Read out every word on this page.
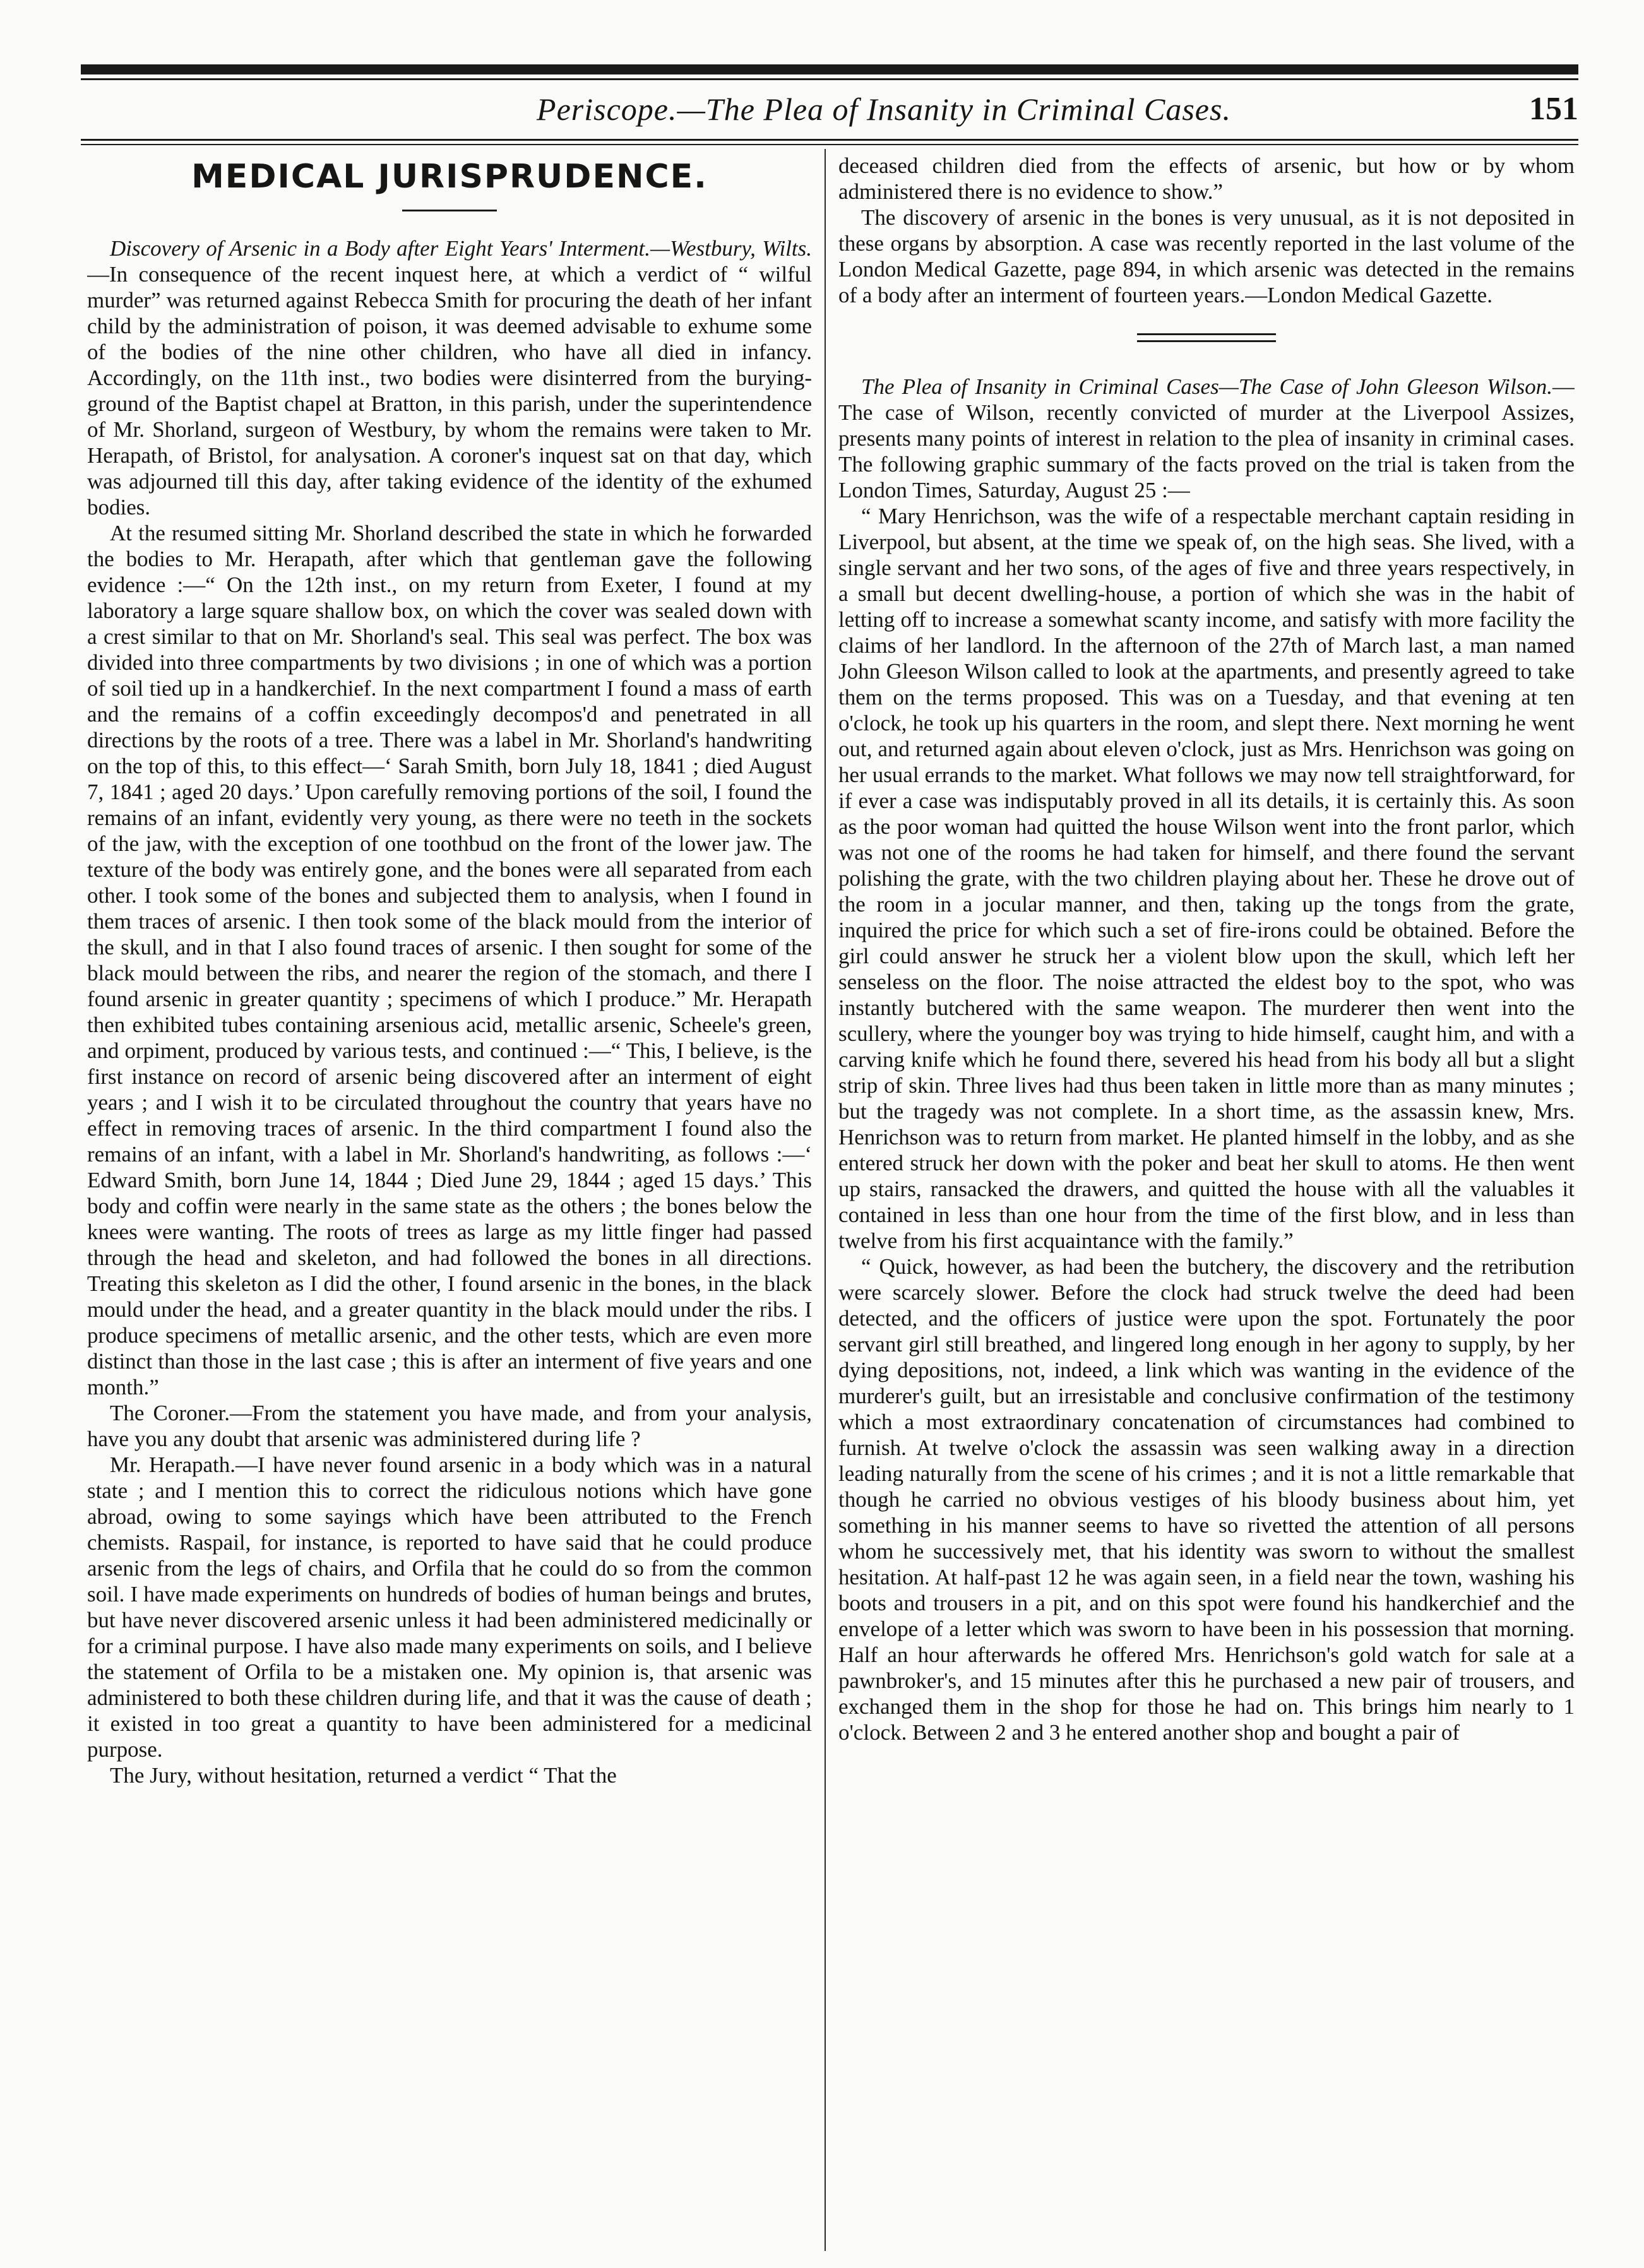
Periscope.—The Plea of Insanity in Criminal Cases.	151
MEDICAL JURISPRUDENCE.

Discovery of Arsenic in a Body after Eight Years' Interment.—Westbury, Wilts.—In consequence of the recent inquest here, at which a verdict of “ wilful murder” was returned against Rebecca Smith for procuring the death of her infant child by the administration of poison, it was deemed advisable to exhume some of the bodies of the nine other children, who have all died in infancy. Accordingly, on the 11th inst., two bodies were disinterred from the burying-ground of the Baptist chapel at Bratton, in this parish, under the superintendence of Mr. Shorland, surgeon of Westbury, by whom the remains were taken to Mr. Herapath, of Bristol, for analysation. A coroner's inquest sat on that day, which was adjourned till this day, after taking evidence of the identity of the exhumed bodies.

At the resumed sitting Mr. Shorland described the state in which he forwarded the bodies to Mr. Herapath, after which that gentleman gave the following evidence :—“ On the 12th inst., on my return from Exeter, I found at my laboratory a large square shallow box, on which the cover was sealed down with a crest similar to that on Mr. Shorland's seal. This seal was perfect. The box was divided into three compartments by two divisions ; in one of which was a portion of soil tied up in a handkerchief. In the next compartment I found a mass of earth and the remains of a coffin exceedingly decompos'd and penetrated in all directions by the roots of a tree. There was a label in Mr. Shorland's handwriting on the top of this, to this effect—‘ Sarah Smith, born July 18, 1841 ; died August 7, 1841 ; aged 20 days.’ Upon carefully removing portions of the soil, I found the remains of an infant, evidently very young, as there were no teeth in the sockets of the jaw, with the exception of one toothbud on the front of the lower jaw. The texture of the body was entirely gone, and the bones were all separated from each other. I took some of the bones and subjected them to analysis, when I found in them traces of arsenic. I then took some of the black mould from the interior of the skull, and in that I also found traces of arsenic. I then sought for some of the black mould between the ribs, and nearer the region of the stomach, and there I found arsenic in greater quantity ; specimens of which I produce.” Mr. Herapath then exhibited tubes containing arsenious acid, metallic arsenic, Scheele's green, and orpiment, produced by various tests, and continued :—“ This, I believe, is the first instance on record of arsenic being discovered after an interment of eight years ; and I wish it to be circulated throughout the country that years have no effect in removing traces of arsenic. In the third compartment I found also the remains of an infant, with a label in Mr. Shorland's handwriting, as follows :—‘ Edward Smith, born June 14, 1844 ; Died June 29, 1844 ; aged 15 days.’ This body and coffin were nearly in the same state as the others ; the bones below the knees were wanting. The roots of trees as large as my little finger had passed through the head and skeleton, and had followed the bones in all directions. Treating this skeleton as I did the other, I found arsenic in the bones, in the black mould under the head, and a greater quantity in the black mould under the ribs. I produce specimens of metallic arsenic, and the other tests, which are even more distinct than those in the last case ; this is after an interment of five years and one month.”

The Coroner.—From the statement you have made, and from your analysis, have you any doubt that arsenic was administered during life ?

Mr. Herapath.—I have never found arsenic in a body which was in a natural state ; and I mention this to correct the ridiculous notions which have gone abroad, owing to some sayings which have been attributed to the French chemists. Raspail, for instance, is reported to have said that he could produce arsenic from the legs of chairs, and Orfila that he could do so from the common soil. I have made experiments on hundreds of bodies of human beings and brutes, but have never discovered arsenic unless it had been administered medicinally or for a criminal purpose. I have also made many experiments on soils, and I believe the statement of Orfila to be a mistaken one. My opinion is, that arsenic was administered to both these children during life, and that it was the cause of death ; it existed in too great a quantity to have been administered for a medicinal purpose.

The Jury, without hesitation, returned a verdict “ That the

deceased children died from the effects of arsenic, but how or by whom administered there is no evidence to show.”

The discovery of arsenic in the bones is very unusual, as it is not deposited in these organs by absorption. A case was recently reported in the last volume of the London Medical Gazette, page 894, in which arsenic was detected in the remains of a body after an interment of fourteen years.—London Medical Gazette.

The Plea of Insanity in Criminal Cases—The Case of John Gleeson Wilson.—The case of Wilson, recently convicted of murder at the Liverpool Assizes, presents many points of interest in relation to the plea of insanity in criminal cases. The following graphic summary of the facts proved on the trial is taken from the London Times, Saturday, August 25 :—

“ Mary Henrichson, was the wife of a respectable merchant captain residing in Liverpool, but absent, at the time we speak of, on the high seas. She lived, with a single servant and her two sons, of the ages of five and three years respectively, in a small but decent dwelling-house, a portion of which she was in the habit of letting off to increase a somewhat scanty income, and satisfy with more facility the claims of her landlord. In the afternoon of the 27th of March last, a man named John Gleeson Wilson called to look at the apartments, and presently agreed to take them on the terms proposed. This was on a Tuesday, and that evening at ten o'clock, he took up his quarters in the room, and slept there. Next morning he went out, and returned again about eleven o'clock, just as Mrs. Henrichson was going on her usual errands to the market. What follows we may now tell straightforward, for if ever a case was indisputably proved in all its details, it is certainly this. As soon as the poor woman had quitted the house Wilson went into the front parlor, which was not one of the rooms he had taken for himself, and there found the servant polishing the grate, with the two children playing about her. These he drove out of the room in a jocular manner, and then, taking up the tongs from the grate, inquired the price for which such a set of fire-irons could be obtained. Before the girl could answer he struck her a violent blow upon the skull, which left her senseless on the floor. The noise attracted the eldest boy to the spot, who was instantly butchered with the same weapon. The murderer then went into the scullery, where the younger boy was trying to hide himself, caught him, and with a carving knife which he found there, severed his head from his body all but a slight strip of skin. Three lives had thus been taken in little more than as many minutes ; but the tragedy was not complete. In a short time, as the assassin knew, Mrs. Henrichson was to return from market. He planted himself in the lobby, and as she entered struck her down with the poker and beat her skull to atoms. He then went up stairs, ransacked the drawers, and quitted the house with all the valuables it contained in less than one hour from the time of the first blow, and in less than twelve from his first acquaintance with the family.”

“ Quick, however, as had been the butchery, the discovery and the retribution were scarcely slower. Before the clock had struck twelve the deed had been detected, and the officers of justice were upon the spot. Fortunately the poor servant girl still breathed, and lingered long enough in her agony to supply, by her dying depositions, not, indeed, a link which was wanting in the evidence of the murderer's guilt, but an irresistable and conclusive confirmation of the testimony which a most extraordinary concatenation of circumstances had combined to furnish. At twelve o'clock the assassin was seen walking away in a direction leading naturally from the scene of his crimes ; and it is not a little remarkable that though he carried no obvious vestiges of his bloody business about him, yet something in his manner seems to have so rivetted the attention of all persons whom he successively met, that his identity was sworn to without the smallest hesitation. At half-past 12 he was again seen, in a field near the town, washing his boots and trousers in a pit, and on this spot were found his handkerchief and the envelope of a letter which was sworn to have been in his possession that morning. Half an hour afterwards he offered Mrs. Henrichson's gold watch for sale at a pawnbroker's, and 15 minutes after this he purchased a new pair of trousers, and exchanged them in the shop for those he had on. This brings him nearly to 1 o'clock. Between 2 and 3 he entered another shop and bought a pair of
